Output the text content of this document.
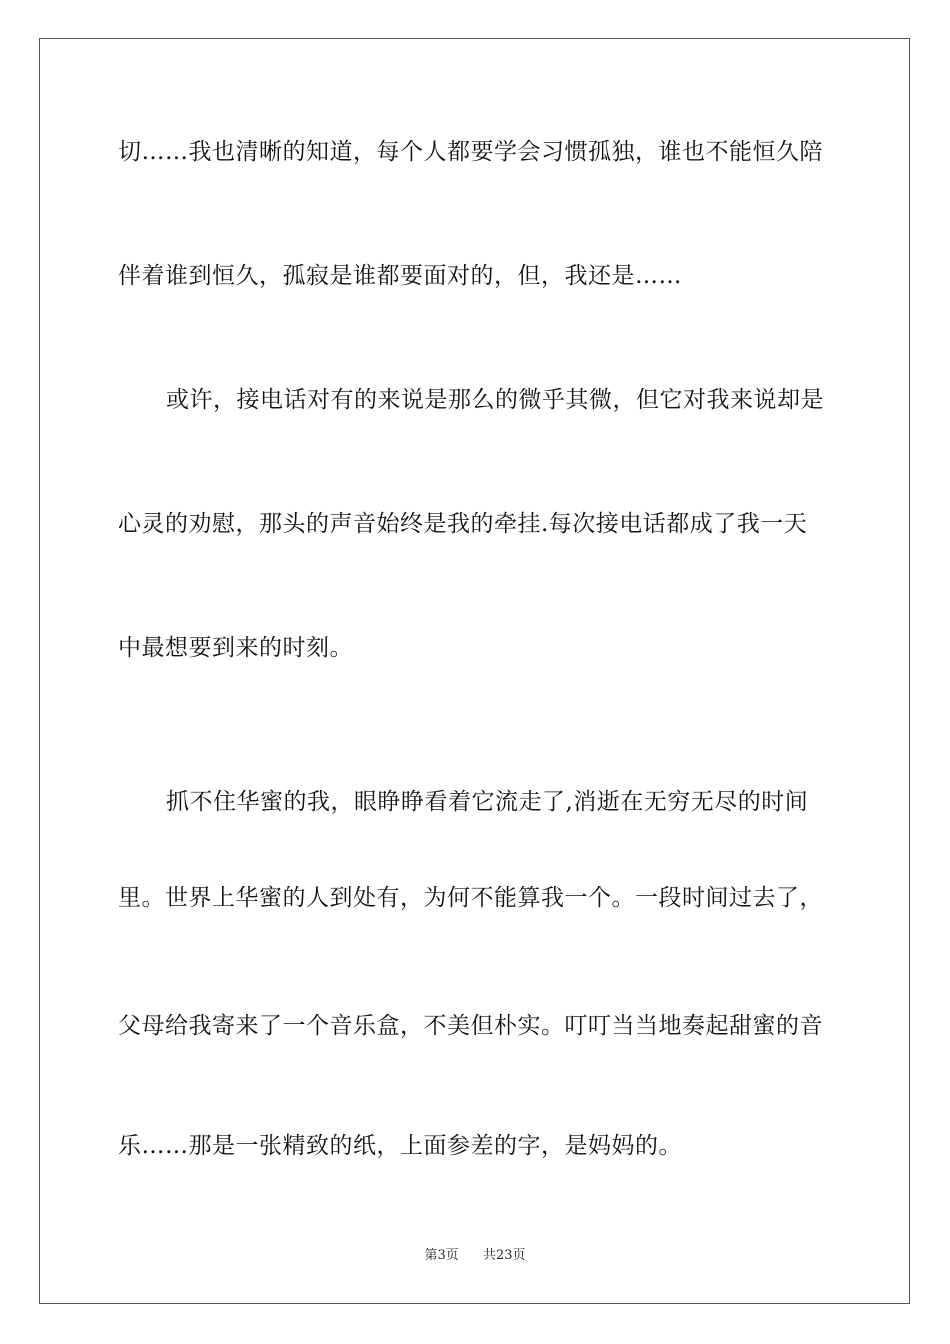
切……我也清晰的知道，每个人都要学会习惯孤独，谁也不能恒久陪
伴着谁到恒久，孤寂是谁都要面对的，但，我还是……
或许，接电话对有的来说是那么的微乎其微，但它对我来说却是
心灵的劝慰，那头的声音始终是我的牵挂.每次接电话都成了我一天
中最想要到来的时刻。
抓不住华蜜的我，眼睁睁看着它流走了,消逝在无穷无尽的时间
里。世界上华蜜的人到处有，为何不能算我一个。一段时间过去了，
父母给我寄来了一个音乐盒，不美但朴实。叮叮当当地奏起甜蜜的音
乐……那是一张精致的纸，上面参差的字，是妈妈的。
第3页 共23页
